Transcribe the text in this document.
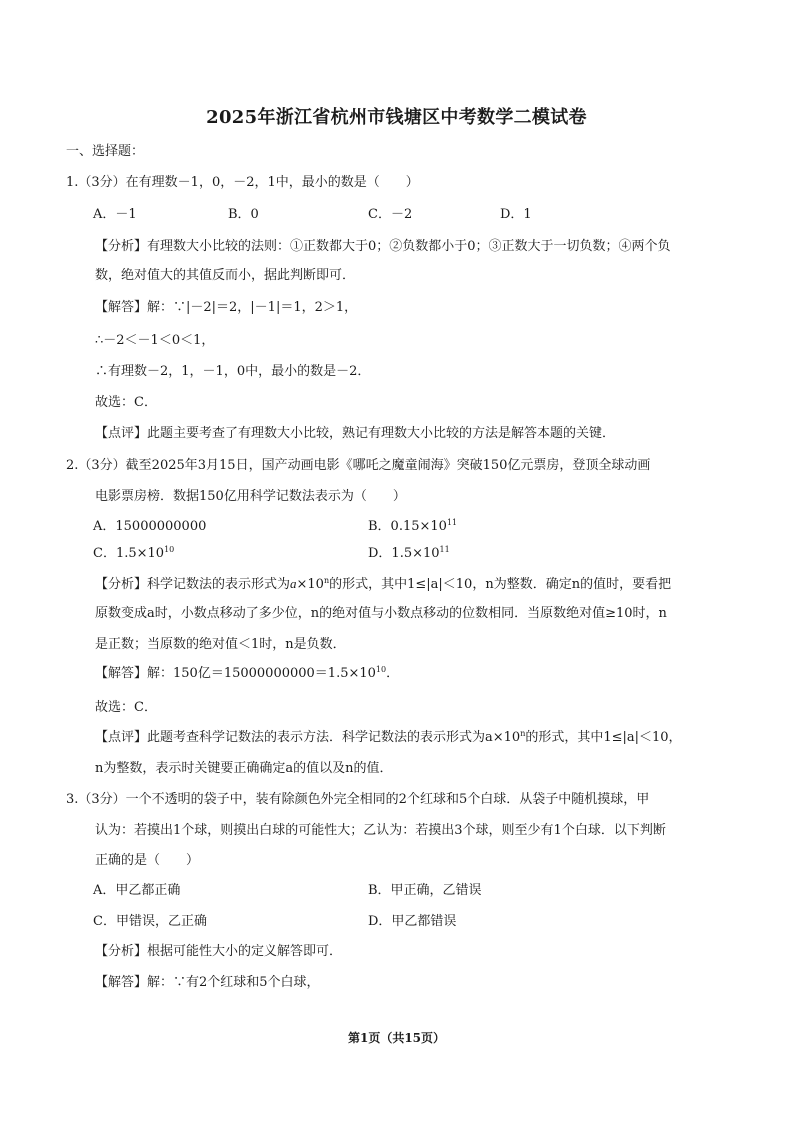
2025年浙江省杭州市钱塘区中考数学二模试卷
一、选择题：
1.（3分）在有理数－1，0，－2，1中，最小的数是（　　）
A．－1	B．0	C．－2	D．1
【分析】有理数大小比较的法则：①正数都大于0；②负数都小于0；③正数大于一切负数；④两个负
数，绝对值大的其值反而小，据此判断即可．
【解答】解：∵|－2|＝2，|－1|＝1，2＞1，
∴－2＜－1＜0＜1，
∴有理数－2，1，－1，0中，最小的数是－2．
故选：C．
【点评】此题主要考查了有理数大小比较，熟记有理数大小比较的方法是解答本题的关键．
2.（3分）截至2025年3月15日，国产动画电影《哪吒之魔童闹海》突破150亿元票房，登顶全球动画
电影票房榜．数据150亿用科学记数法表示为（　　）
A．15000000000	B．$0.15\times 10^{11}$
C．$1.5\times 10^{10}$	D．$1.5\times 10^{11}$
【分析】科学记数法的表示形式为$a\times 10^n$的形式，其中1≤|a|＜10，n为整数．确定n的值时，要看把
原数变成a时，小数点移动了多少位，n的绝对值与小数点移动的位数相同．当原数绝对值≥10时，n
是正数；当原数的绝对值＜1时，n是负数．
【解答】解：150亿$=15000000000=1.5\times 10^{10}$．
故选：C．
【点评】此题考查科学记数法的表示方法．科学记数法的表示形式为$a\times 10^n$的形式，其中1≤|a|＜10，
n为整数，表示时关键要正确确定a的值以及n的值．
3.（3分）一个不透明的袋子中，装有除颜色外完全相同的2个红球和5个白球．从袋子中随机摸球，甲
认为：若摸出1个球，则摸出白球的可能性大；乙认为：若摸出3个球，则至少有1个白球．以下判断
正确的是（　　）
A．甲乙都正确	B．甲正确，乙错误
C．甲错误，乙正确	D．甲乙都错误
【分析】根据可能性大小的定义解答即可．
【解答】解：∵有2个红球和5个白球，
第1页（共15页）
